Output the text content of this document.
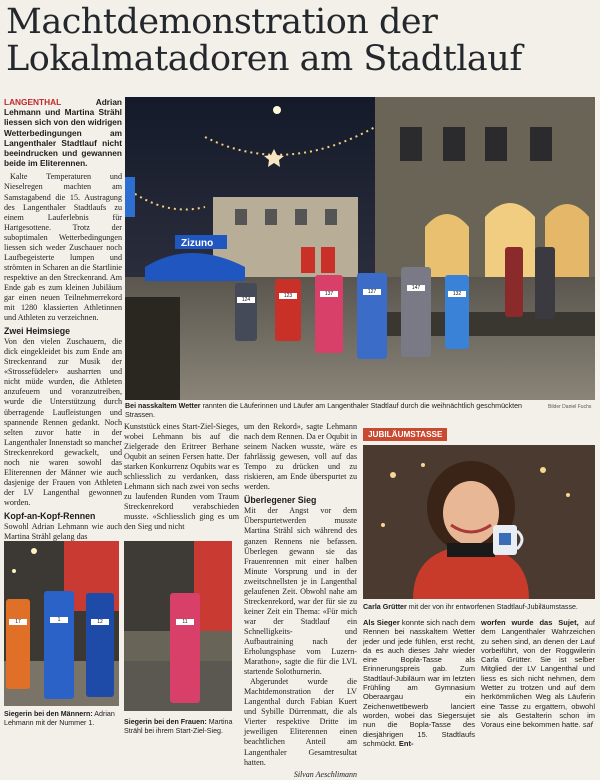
Machtdemonstration der
Lokalmatadoren am Stadtlauf
LANGENTHAL	Adrian Lehmann und Martina Strähl liessen sich von den widrigen Wetterbedingungen am Langenthaler Stadtlauf nicht beeindrucken und gewannen beide im Eliterennen.

Kalte Temperaturen und Nieselregen machten am Samstagabend die 15. Austragung des Langenthaler Stadtlaufs zu einem Lauferlebnis für Hartgesottene. Trotz der suboptimalen Wetterbedingungen liessen sich weder Zuschauer noch Laufbegeisterte lumpen und strömten in Scharen an die Startlinie respektive an den Streckenrand. Am Ende gab es zum kleinen Jubiläum gar einen neuen Teilnehmerrekord mit 1280 klassierten Athletinnen und Athleten zu verzeichnen.

Zwei Heimsiege

Von den vielen Zuschauern, die dick eingekleidet bis zum Ende am Streckenrand zur Musik der «Strossefüdeler» ausharrten und nicht müde wurden, die Athleten anzufeuern und voranzutreiben, wurde die Unterstützung durch überragende Laufleistungen und spannende Rennen gedankt. Noch selten zuvor hatte in der Langenthaler Innenstadt so mancher Streckenrekord gewackelt, und noch nie waren sowohl das Eliterennen der Männer wie auch dasjenige der Frauen von Athleten der LV Langenthal gewonnen worden.

Kopf-an-Kopf-Rennen

Sowohl Adrian Lehmann wie auch Martina Strähl gelang das

Zizuno
123	137	127
147
132
124
Bei nasskaltem Wetter rannten die Läuferinnen und Läufer am Langenthaler Stadtlauf durch die weihnächtlich geschmückten Strassen.
Bilder Daniel Fuchs

Kunststück eines Start-Ziel-Sieges, wobei Lehmann bis auf die Zielgerade den Eritreer Berhane Oqubit an seinen Fersen hatte. Der starken Konkurrenz Oqubits war es schliesslich zu verdanken, dass Lehmann sich nach zwei von sechs zu laufenden Runden vom Traum Streckenrekord verabschieden musste. «Schliesslich ging es um den Sieg und nicht

um den Rekord», sagte Lehmann nach dem Rennen. Da er Oqubit in seinem Nacken wusste, wäre es fahrlässig gewesen, voll auf das Tempo zu drücken und zu riskieren, am Ende überspurtet zu werden.

Überlegener Sieg

Mit der Angst vor dem Überspurtetwerden musste Martina Strähl sich während des ganzen Rennens nie befassen. Überlegen gewann sie das Frauenrennen mit einer halben Minute Vorsprung und in der zweitschnellsten je in Langenthal gelaufenen Zeit. Obwohl nahe am Streckenrekord, war der für sie zu keiner Zeit ein Thema: «Für mich war der Stadtlauf ein Schnelligkeits- und Aufbautraining nach der Erholungsphase vom Luzern-Marathon», sagte die für die LVL startende Solothurnerin.

Abgerundet wurde die Machtdemonstration der LV Langenthal durch Fabian Kuert und Sybille Dürrenmatt, die als Vierter respektive Dritte im jeweiligen Eliterennen einen beachtlichen Anteil am Langenthaler Gesamtresultat hatten.

Silvan Aeschlimann
17	1	12
Siegerin bei den Männern: Adrian Lehmann mit der Nummer 1.
11
Siegerin bei den Frauen: Martina Strähl bei ihrem Start-Ziel-Sieg.
JUBILÄUMSTASSE
Carla Grütter mit der von ihr entworfenen Stadtlauf-Jubiläumstasse.
Als Sieger konnte sich nach dem Rennen bei nasskaltem Wetter jeder und jede fühlen, erst recht, da es auch dieses Jahr wieder eine Bopla-Tasse als Erinnerungspreis gab. Zum Stadtlauf-Jubiläum war im letzten Frühling am Gymnasium Oberaargau ein Zeichenwettbewerb lanciert worden, wobei das Siegersujet nun die Bopla-Tasse des diesjährigen 15. Stadtlaufs schmückt. Ent-
worfen wurde das Sujet, auf dem Langenthaler Wahrzeichen zu sehen sind, an denen der Lauf vorbeiführt, von der Roggwilerin Carla Grütter. Sie ist selber Mitglied der LV Langenthal und liess es sich nicht nehmen, dem Wetter zu trotzen und auf dem herkömmlichen Weg als Läuferin eine Tasse zu ergattern, obwohl sie als Gestalterin schon im Voraus eine bekommen hatte. saf
